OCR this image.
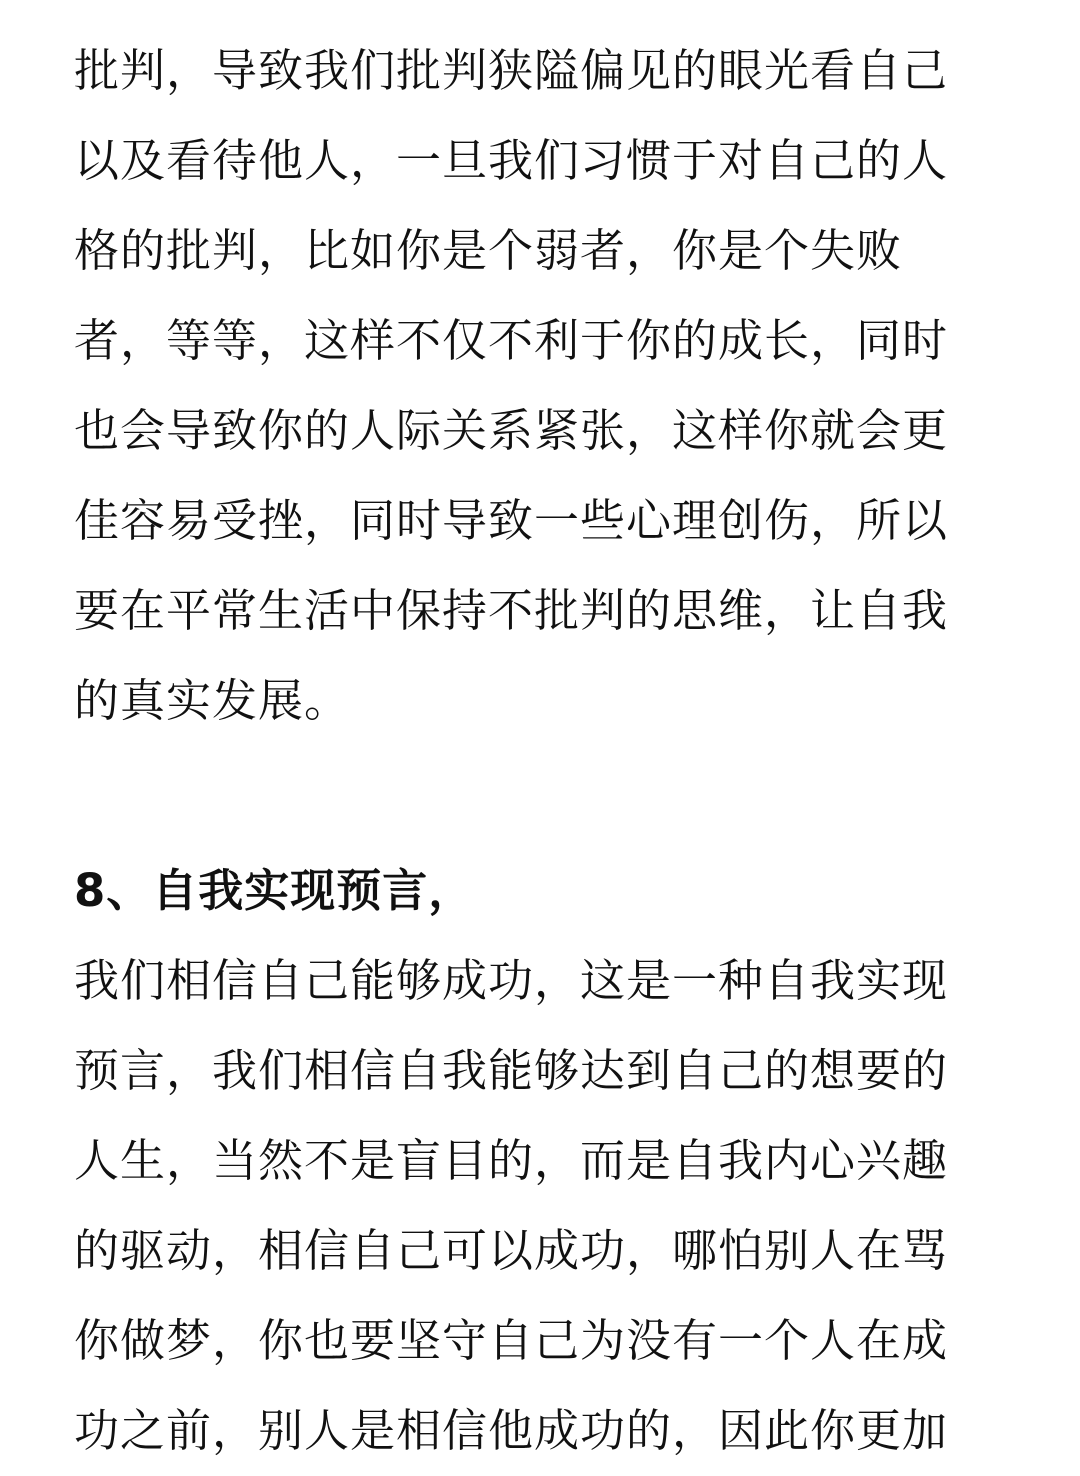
批判，导致我们批判狭隘偏见的眼光看自己
以及看待他人，一旦我们习惯于对自己的人
格的批判，比如你是个弱者，你是个失败
者，等等，这样不仅不利于你的成长，同时
也会导致你的人际关系紧张，这样你就会更
佳容易受挫，同时导致一些心理创伤，所以
要在平常生活中保持不批判的思维，让自我
的真实发展。
8、自我实现预言，
我们相信自己能够成功，这是一种自我实现
预言，我们相信自我能够达到自己的想要的
人生，当然不是盲目的，而是自我内心兴趣
的驱动，相信自己可以成功，哪怕别人在骂
你做梦，你也要坚守自己为没有一个人在成
功之前，别人是相信他成功的，因此你更加
